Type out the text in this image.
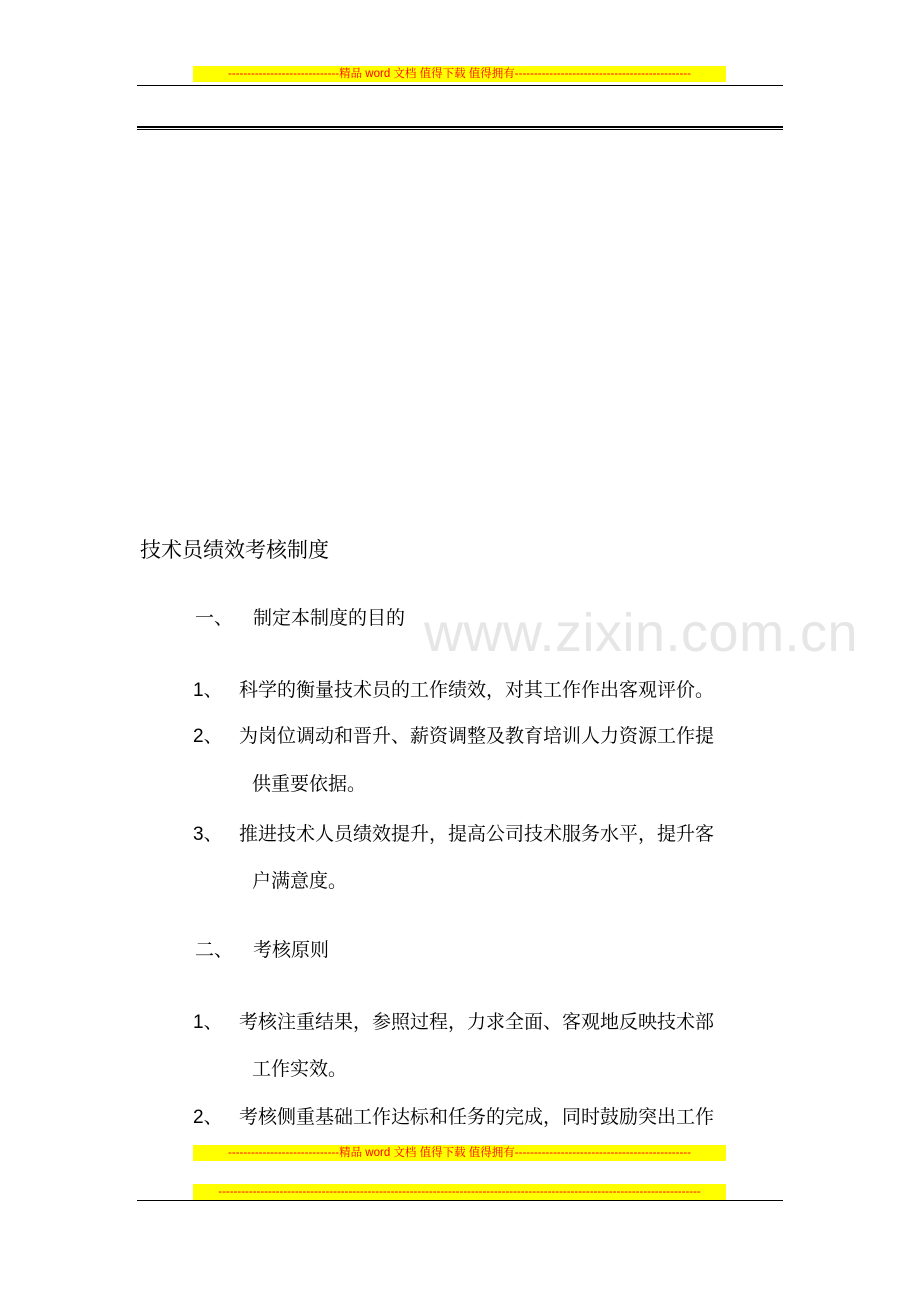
-----------------------------精品 word 文档 值得下载 值得拥有----------------------------------------------
www.zixin.com.cn
技术员绩效考核制度
一、 制定本制度的目的
1、 科学的衡量技术员的工作绩效，对其工作作出客观评价。
2、 为岗位调动和晋升、薪资调整及教育培训人力资源工作提
供重要依据。
3、 推进技术人员绩效提升，提高公司技术服务水平，提升客
户满意度。
二、 考核原则
1、 考核注重结果，参照过程，力求全面、客观地反映技术部
工作实效。
2、 考核侧重基础工作达标和任务的完成，同时鼓励突出工作
-----------------------------精品 word 文档 值得下载 值得拥有----------------------------------------------
------------------------------------------------------------------------------------------------------------------------------
